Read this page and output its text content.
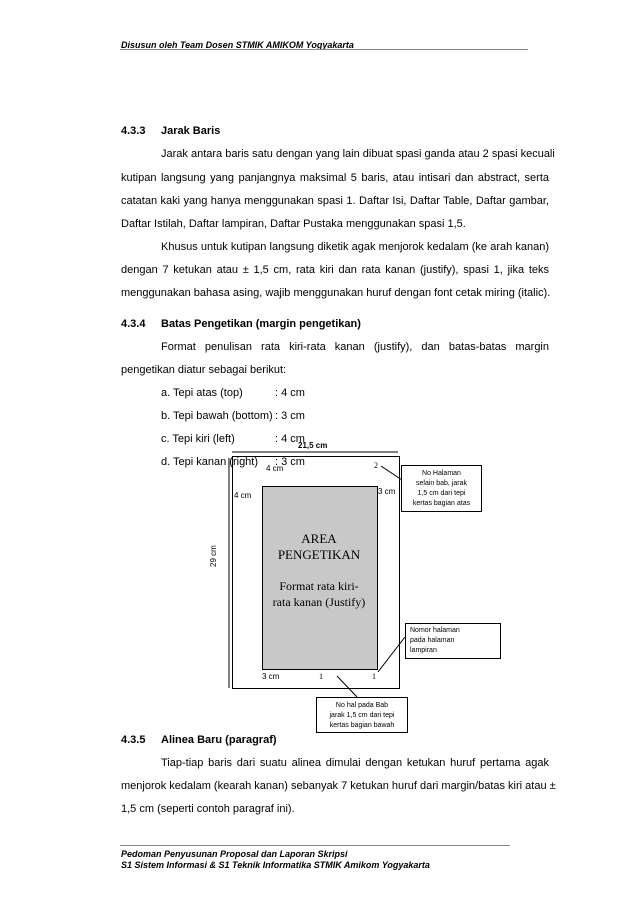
Disusun oleh Team Dosen STMIK AMIKOM Yogyakarta
4.3.3 Jarak Baris
Jarak antara baris satu dengan yang lain dibuat spasi ganda atau 2 spasi kecuali
kutipan langsung yang panjangnya maksimal 5 baris, atau intisari dan abstract, serta
catatan kaki yang hanya menggunakan spasi 1. Daftar Isi, Daftar Table, Daftar gambar,
Daftar Istilah, Daftar lampiran, Daftar Pustaka menggunakan spasi 1,5.
Khusus untuk kutipan langsung diketik agak menjorok kedalam (ke arah kanan)
dengan 7 ketukan atau ± 1,5 cm, rata kiri dan rata kanan (justify), spasi 1, jika teks
menggunakan bahasa asing, wajib menggunakan huruf dengan font cetak miring (italic).
4.3.4 Batas Pengetikan (margin pengetikan)
Format penulisan rata kiri-rata kanan (justify), dan batas-batas margin
pengetikan diatur sebagai berikut:
a. Tepi atas (top)	: 4 cm
b. Tepi bawah (bottom) : 3 cm
c. Tepi kiri (left)	: 4 cm
d. Tepi kanan (right) : 3 cm
21,5 cm
29 cm
4 cm
4 cm	3 cm
3 cm
2
1	1
AREA
PENGETIKAN
Format rata kiri-
rata kanan (Justify)
No Halaman
selain bab, jarak
1,5 cm dari tepi
kertas bagian atas
Nomor halaman
pada halaman
lampiran
No hal pada Bab
jarak 1,5 cm dari tepi
kertas bagian bawah
4.3.5 Alinea Baru (paragraf)
Tiap-tiap baris dari suatu alinea dimulai dengan ketukan huruf pertama agak
menjorok kedalam (kearah kanan) sebanyak 7 ketukan huruf dari margin/batas kiri atau ±
1,5 cm (seperti contoh paragraf ini).
Pedoman Penyusunan Proposal dan Laporan Skripsi
S1 Sistem Informasi & S1 Teknik Informatika STMIK Amikom Yogyakarta
